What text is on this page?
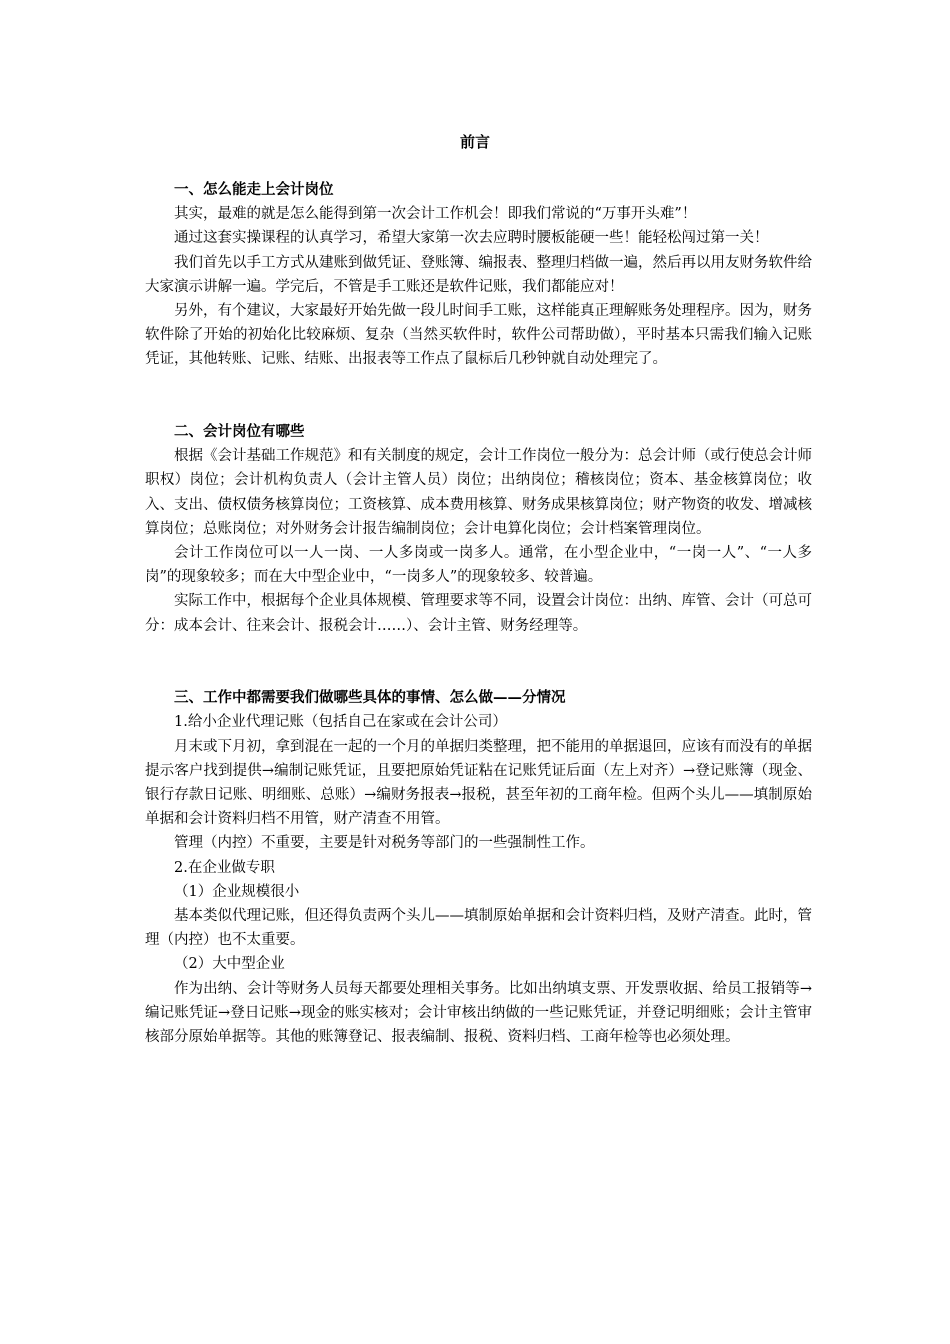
前言

一、怎么能走上会计岗位

其实，最难的就是怎么能得到第一次会计工作机会！即我们常说的“万事开头难”！

通过这套实操课程的认真学习，希望大家第一次去应聘时腰板能硬一些！能轻松闯过第一关！

我们首先以手工方式从建账到做凭证、登账簿、编报表、整理归档做一遍，然后再以用友财务软件给大家演示讲解一遍。学完后，不管是手工账还是软件记账，我们都能应对！

另外，有个建议，大家最好开始先做一段儿时间手工账，这样能真正理解账务处理程序。因为，财务软件除了开始的初始化比较麻烦、复杂（当然买软件时，软件公司帮助做），平时基本只需我们输入记账凭证，其他转账、记账、结账、出报表等工作点了鼠标后几秒钟就自动处理完了。

二、会计岗位有哪些

根据《会计基础工作规范》和有关制度的规定，会计工作岗位一般分为：总会计师（或行使总会计师职权）岗位；会计机构负责人（会计主管人员）岗位；出纳岗位；稽核岗位；资本、基金核算岗位；收入、支出、债权债务核算岗位；工资核算、成本费用核算、财务成果核算岗位；财产物资的收发、增减核算岗位；总账岗位；对外财务会计报告编制岗位；会计电算化岗位；会计档案管理岗位。

会计工作岗位可以一人一岗、一人多岗或一岗多人。通常，在小型企业中，“一岗一人”、“一人多岗”的现象较多；而在大中型企业中，“一岗多人”的现象较多、较普遍。

实际工作中，根据每个企业具体规模、管理要求等不同，设置会计岗位：出纳、库管、会计（可总可分：成本会计、往来会计、报税会计……）、会计主管、财务经理等。

三、工作中都需要我们做哪些具体的事情、怎么做——分情况

1.给小企业代理记账（包括自己在家或在会计公司）

月末或下月初，拿到混在一起的一个月的单据归类整理，把不能用的单据退回，应该有而没有的单据提示客户找到提供→编制记账凭证，且要把原始凭证粘在记账凭证后面（左上对齐）→登记账簿（现金、银行存款日记账、明细账、总账）→编财务报表→报税，甚至年初的工商年检。但两个头儿——填制原始单据和会计资料归档不用管，财产清查不用管。

管理（内控）不重要，主要是针对税务等部门的一些强制性工作。

2.在企业做专职

（1）企业规模很小

基本类似代理记账，但还得负责两个头儿——填制原始单据和会计资料归档，及财产清查。此时，管理（内控）也不太重要。

（2）大中型企业

作为出纳、会计等财务人员每天都要处理相关事务。比如出纳填支票、开发票收据、给员工报销等→编记账凭证→登日记账→现金的账实核对；会计审核出纳做的一些记账凭证，并登记明细账；会计主管审核部分原始单据等。其他的账簿登记、报表编制、报税、资料归档、工商年检等也必须处理。
